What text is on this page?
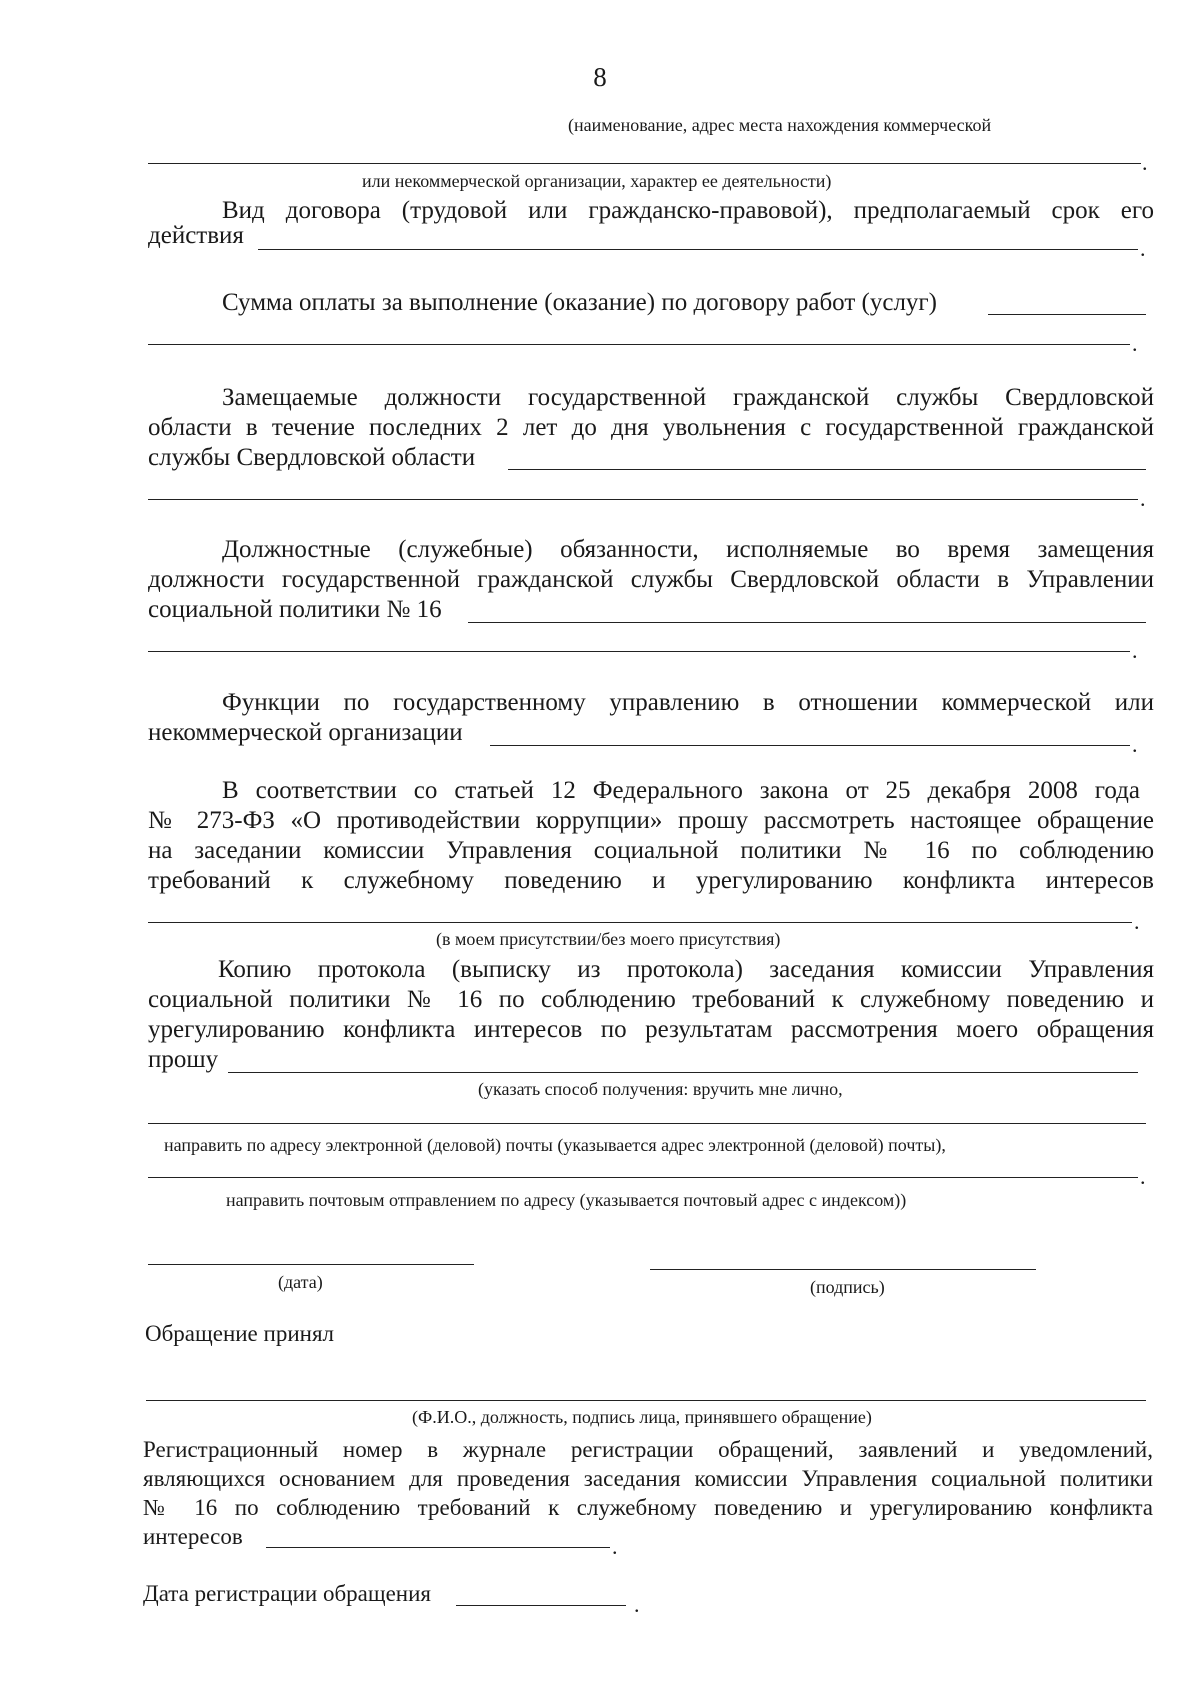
8
(наименование, адрес места нахождения коммерческой
.
или некоммерческой организации, характер ее деятельности)
Вид договора (трудовой или гражданско-правовой), предполагаемый срок его
действия	.
Сумма оплаты за выполнение (оказание) по договору работ (услуг)
.
Замещаемые должности государственной гражданской службы Свердловской
области в течение последних 2 лет до дня увольнения с государственной гражданской
службы Свердловской области
.
Должностные (служебные) обязанности, исполняемые во время замещения
должности государственной гражданской службы Свердловской области в Управлении
социальной политики № 16
.
Функции по государственному управлению в отношении коммерческой или
некоммерческой организации	.
В соответствии со статьей 12 Федерального закона от 25 декабря 2008 года
№ 273-ФЗ «О противодействии коррупции» прошу рассмотреть настоящее обращение
на заседании комиссии Управления социальной политики № 16 по соблюдению
требований к служебному поведению и урегулированию конфликта интересов
.
(в моем присутствии/без моего присутствия)
Копию протокола (выписку из протокола) заседания комиссии Управления
социальной политики № 16 по соблюдению требований к служебному поведению и
урегулированию конфликта интересов по результатам рассмотрения моего обращения
прошу
(указать способ получения: вручить мне лично,
направить по адресу электронной (деловой) почты (указывается адрес электронной (деловой) почты),
.
направить почтовым отправлением по адресу (указывается почтовый адрес с индексом))
(дата)	(подпись)
Обращение принял
(Ф.И.О., должность, подпись лица, принявшего обращение)
Регистрационный номер в журнале регистрации обращений, заявлений и уведомлений,
являющихся основанием для проведения заседания комиссии Управления социальной политики
№ 16 по соблюдению требований к служебному поведению и урегулированию конфликта
интересов	.
Дата регистрации обращения	.
